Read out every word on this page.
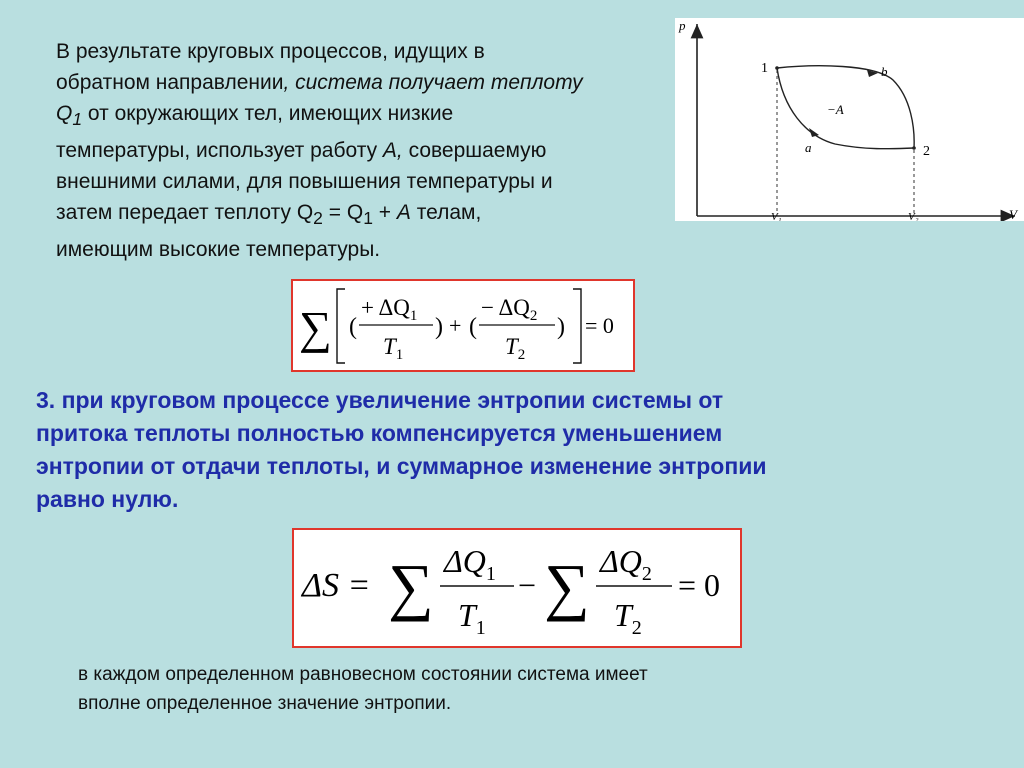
В результате круговых процессов, идущих в
обратном направлении, система получает теплоту
$Q_1$ от окружающих тел, имеющих низкие
температуры, использует работу А, совершаемую
внешними силами, для повышения температуры и
затем передает теплоту $Q_2 = Q_1 + А$ телам,
имеющим высокие температуры.
p
V
1
2
b
a
−A
V₁	V₂
∑ (
+ $\Delta Q_1$
$T_1$
) + (
− $\Delta Q_2$
$T_2$
) = 0
3. при круговом процессе увеличение энтропии системы от
притока теплоты полностью компенсируется уменьшением
энтропии от отдачи теплоты, и суммарное изменение энтропии
равно нулю.
ΔS = ∑ $\Delta Q_1$
$T_1$
− ∑ $\Delta Q_2$
$T_2$
= 0
в каждом определенном равновесном состоянии система имеет
вполне определенное значение энтропии.
